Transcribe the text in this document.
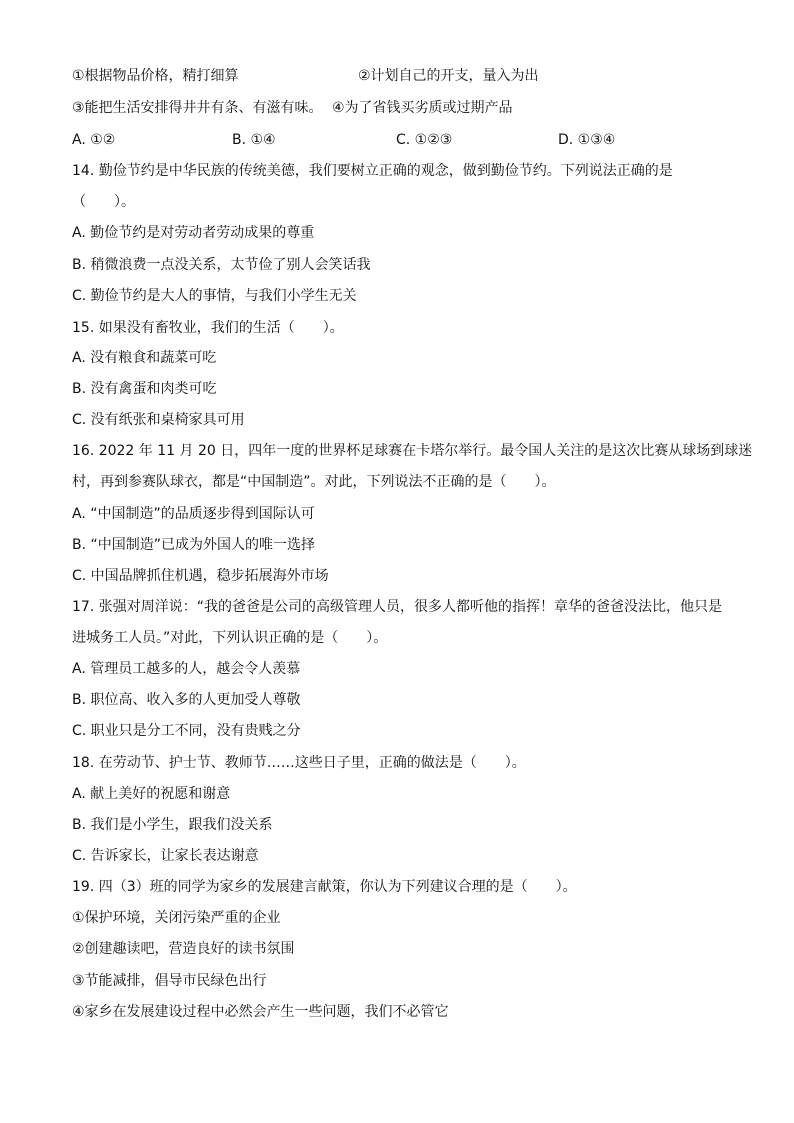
①根据物品价格，精打细算	②计划自己的开支，量入为出
③能把生活安排得井井有条、有滋有味。 ④为了省钱买劣质或过期产品
A. ①②	B. ①④	C. ①②③	D. ①③④
14. 勤俭节约是中华民族的传统美德，我们要树立正确的观念，做到勤俭节约。下列说法正确的是
（　　）。
A. 勤俭节约是对劳动者劳动成果的尊重
B. 稍微浪费一点没关系，太节俭了别人会笑话我
C. 勤俭节约是大人的事情，与我们小学生无关
15. 如果没有畜牧业，我们的生活（　　）。
A. 没有粮食和蔬菜可吃
B. 没有禽蛋和肉类可吃
C. 没有纸张和桌椅家具可用
16. 2022 年 11 月 20 日，四年一度的世界杯足球赛在卡塔尔举行。最令国人关注的是这次比赛从球场到球迷
村，再到参赛队球衣，都是“中国制造”。对此，下列说法不正确的是（　　）。
A. “中国制造”的品质逐步得到国际认可
B. “中国制造”已成为外国人的唯一选择
C. 中国品牌抓住机遇，稳步拓展海外市场
17. 张强对周洋说：“我的爸爸是公司的高级管理人员，很多人都听他的指挥！章华的爸爸没法比，他只是
进城务工人员。”对此，下列认识正确的是（　　）。
A. 管理员工越多的人，越会令人羡慕
B. 职位高、收入多的人更加受人尊敬
C. 职业只是分工不同，没有贵贱之分
18. 在劳动节、护士节、教师节……这些日子里，正确的做法是（　　）。
A. 献上美好的祝愿和谢意
B. 我们是小学生，跟我们没关系
C. 告诉家长，让家长表达谢意
19. 四（3）班的同学为家乡的发展建言献策，你认为下列建议合理的是（　　）。
①保护环境，关闭污染严重的企业
②创建趣读吧，营造良好的读书氛围
③节能减排，倡导市民绿色出行
④家乡在发展建设过程中必然会产生一些问题，我们不必管它
